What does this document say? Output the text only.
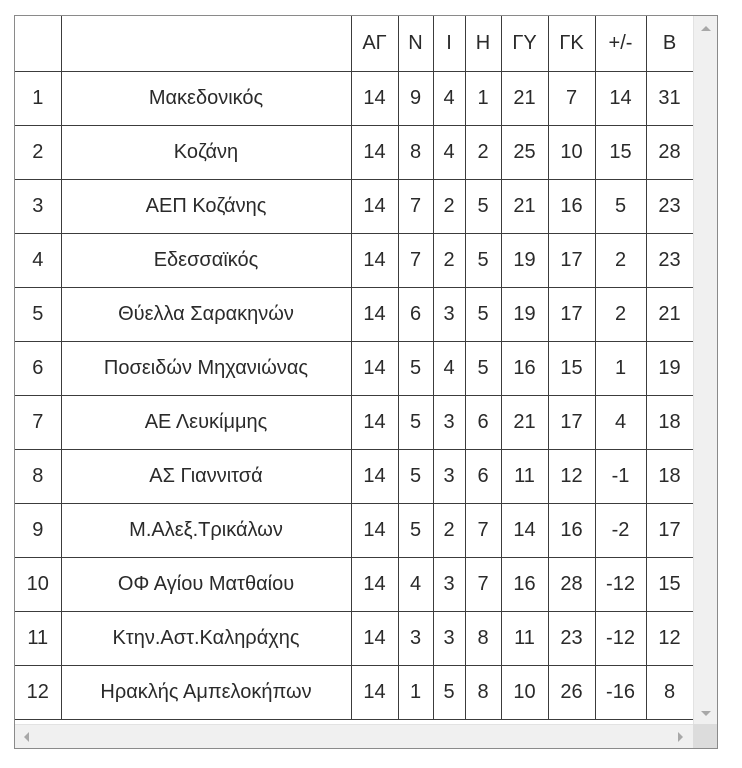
		ΑΓ	Ν	Ι	Η	ΓΥ	ΓΚ	+/-	Β
1	Μακεδονικός	14	9	4	1	21	7	14	31
2	Κοζάνη	14	8	4	2	25	10	15	28
3	ΑΕΠ Κοζάνης	14	7	2	5	21	16	5	23
4	Εδεσσαϊκός	14	7	2	5	19	17	2	23
5	Θύελλα Σαρακηνών	14	6	3	5	19	17	2	21
6	Ποσειδών Μηχανιώνας	14	5	4	5	16	15	1	19
7	ΑΕ Λευκίμμης	14	5	3	6	21	17	4	18
8	ΑΣ Γιαννιτσά	14	5	3	6	11	12	-1	18
9	Μ.Αλεξ.Τρικάλων	14	5	2	7	14	16	-2	17
10	ΟΦ Αγίου Ματθαίου	14	4	3	7	16	28	-12	15
11	Κτην.Αστ.Καληράχης	14	3	3	8	11	23	-12	12
12	Ηρακλής Αμπελοκήπων	14	1	5	8	10	26	-16	8
